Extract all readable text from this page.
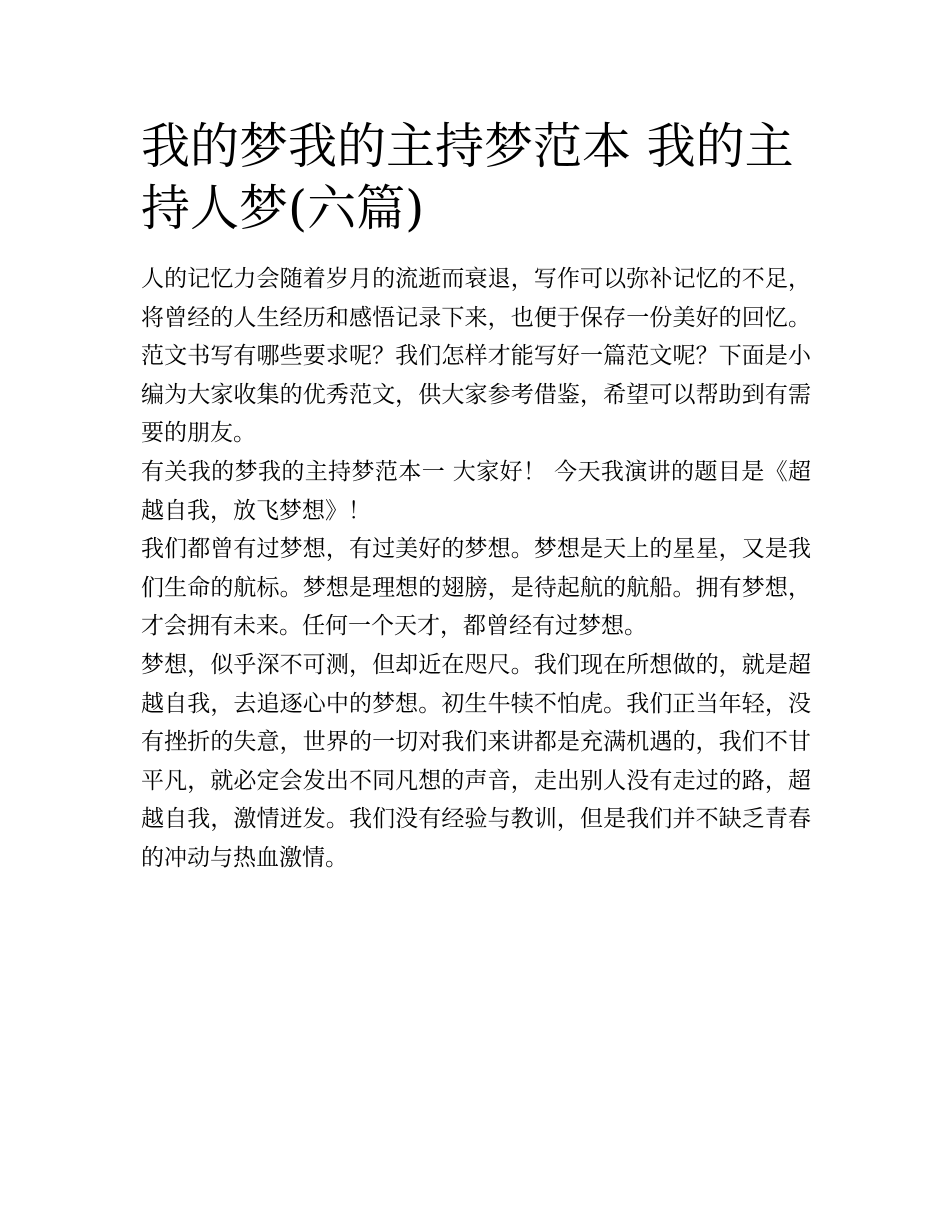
我的梦我的主持梦范本 我的主持人梦(六篇)

人的记忆力会随着岁月的流逝而衰退，写作可以弥补记忆的不足，将曾经的人生经历和感悟记录下来，也便于保存一份美好的回忆。范文书写有哪些要求呢？我们怎样才能写好一篇范文呢？下面是小编为大家收集的优秀范文，供大家参考借鉴，希望可以帮助到有需要的朋友。

有关我的梦我的主持梦范本一 大家好！ 今天我演讲的题目是《超越自我，放飞梦想》！

我们都曾有过梦想，有过美好的梦想。梦想是天上的星星，又是我们生命的航标。梦想是理想的翅膀，是待起航的航船。拥有梦想，才会拥有未来。任何一个天才，都曾经有过梦想。

梦想，似乎深不可测，但却近在咫尺。我们现在所想做的，就是超越自我，去追逐心中的梦想。初生牛犊不怕虎。我们正当年轻，没有挫折的失意，世界的一切对我们来讲都是充满机遇的，我们不甘平凡，就必定会发出不同凡想的声音，走出别人没有走过的路，超越自我，激情迸发。我们没有经验与教训，但是我们并不缺乏青春的冲动与热血激情。
